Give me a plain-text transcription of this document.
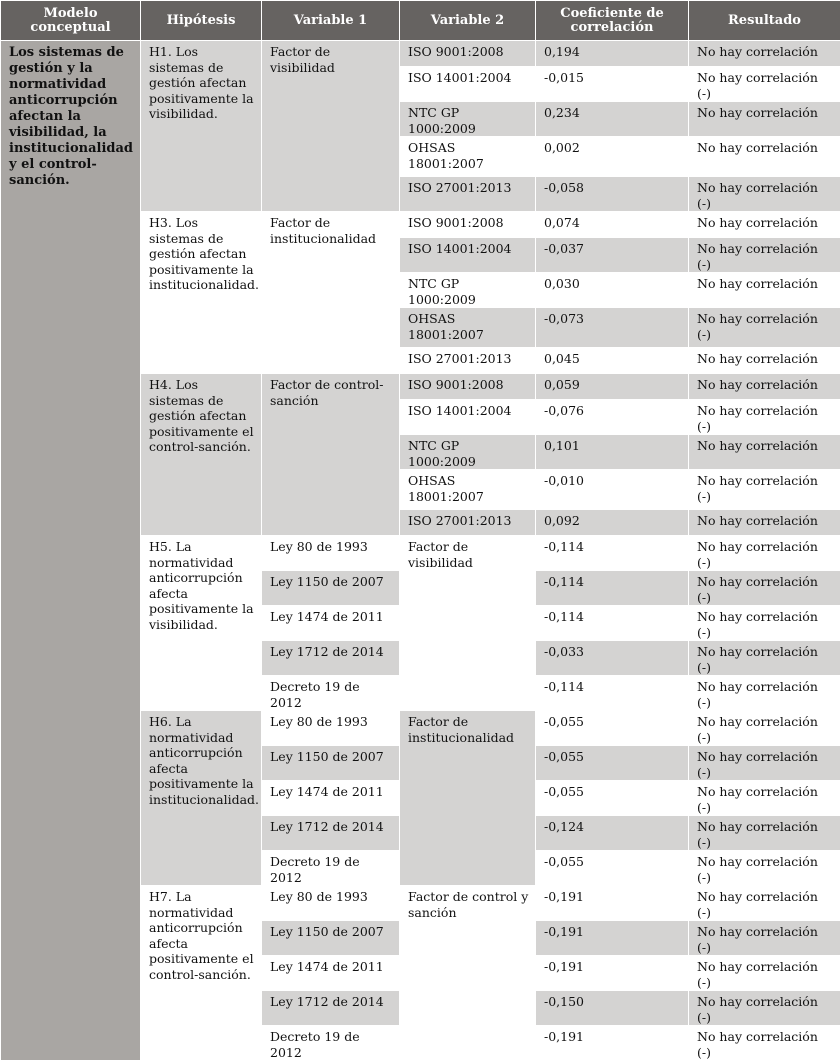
Modelo conceptual	Hipótesis	Variable 1	Variable 2	Coeficiente de correlación	Resultado
Los sistemas de gestión y la normatividad anticorrupción afectan la visibilidad, la institucionalidad y el control-sanción.	H1. Los sistemas de gestión afectan positivamente la visibilidad.	Factor de visibilidad	ISO 9001:2008	0,194	No hay correlación
			ISO 14001:2004	-0,015	No hay correlación (-)
			NTC GP 1000:2009	0,234	No hay correlación
			OHSAS 18001:2007	0,002	No hay correlación
			ISO 27001:2013	-0,058	No hay correlación (-)
	H3. Los sistemas de gestión afectan positivamente la institucionalidad.	Factor de institucionalidad	ISO 9001:2008	0,074	No hay correlación
			ISO 14001:2004	-0,037	No hay correlación (-)
			NTC GP 1000:2009	0,030	No hay correlación
			OHSAS 18001:2007	-0,073	No hay correlación (-)
			ISO 27001:2013	0,045	No hay correlación
	H4. Los sistemas de gestión afectan positivamente el control-sanción.	Factor de control-sanción	ISO 9001:2008	0,059	No hay correlación
			ISO 14001:2004	-0,076	No hay correlación (-)
			NTC GP 1000:2009	0,101	No hay correlación
			OHSAS 18001:2007	-0,010	No hay correlación (-)
			ISO 27001:2013	0,092	No hay correlación
	H5. La normatividad anticorrupción afecta positivamente la visibilidad.	Ley 80 de 1993	Factor de visibilidad	-0,114	No hay correlación (-)
		Ley 1150 de 2007		-0,114	No hay correlación (-)
		Ley 1474 de 2011		-0,114	No hay correlación (-)
		Ley 1712 de 2014		-0,033	No hay correlación (-)
		Decreto 19 de 2012		-0,114	No hay correlación (-)
	H6. La normatividad anticorrupción afecta positivamente la institucionalidad.	Ley 80 de 1993	Factor de institucionalidad	-0,055	No hay correlación (-)
		Ley 1150 de 2007		-0,055	No hay correlación (-)
		Ley 1474 de 2011		-0,055	No hay correlación (-)
		Ley 1712 de 2014		-0,124	No hay correlación (-)
		Decreto 19 de 2012		-0,055	No hay correlación (-)
	H7. La normatividad anticorrupción afecta positivamente el control-sanción.	Ley 80 de 1993	Factor de control y sanción	-0,191	No hay correlación (-)
		Ley 1150 de 2007		-0,191	No hay correlación (-)
		Ley 1474 de 2011		-0,191	No hay correlación (-)
		Ley 1712 de 2014		-0,150	No hay correlación (-)
		Decreto 19 de 2012		-0,191	No hay correlación (-)
